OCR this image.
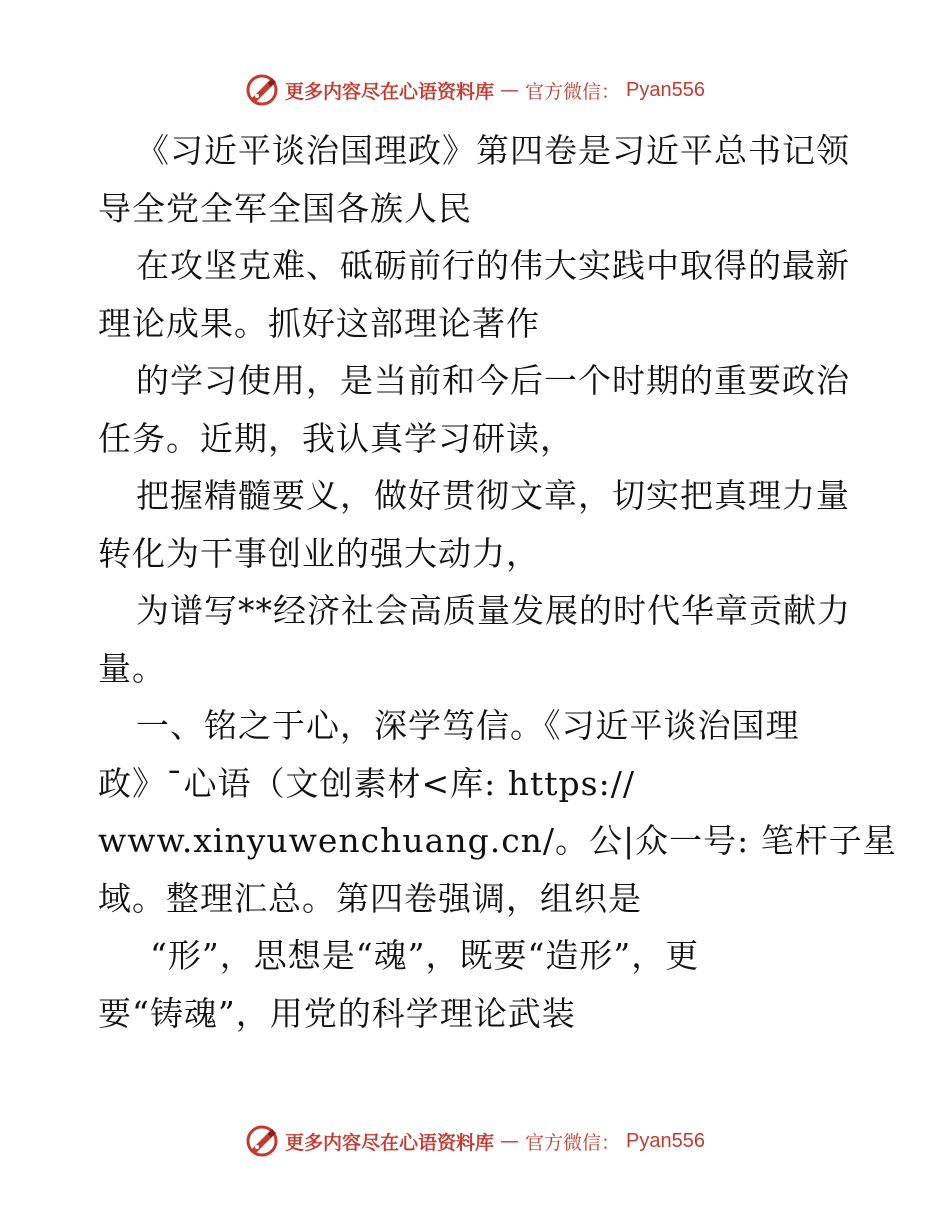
更多内容尽在心语资料库 — 官方微信： Pyan556
《习近平谈治国理政》第四卷是习近平总书记领
导全党全军全国各族人民
在攻坚克难、砥砺前行的伟大实践中取得的最新
理论成果。抓好这部理论著作
的学习使用，是当前和今后一个时期的重要政治
任务。近期，我认真学习研读，
把握精髓要义，做好贯彻文章，切实把真理力量
转化为干事创业的强大动力，
为谱写**经济社会高质量发展的时代华章贡献力
量。
一、铭之于心，深学笃信。《习近平谈治国理
政》¯心语（文创素材<库: https://
www.xinyuwenchuang.cn/。公|众一号: 笔杆子星
域。整理汇总。第四卷强调，组织是
“形”，思想是“魂”，既要“造形”，更
要“铸魂”，用党的科学理论武装
更多内容尽在心语资料库 — 官方微信： Pyan556
